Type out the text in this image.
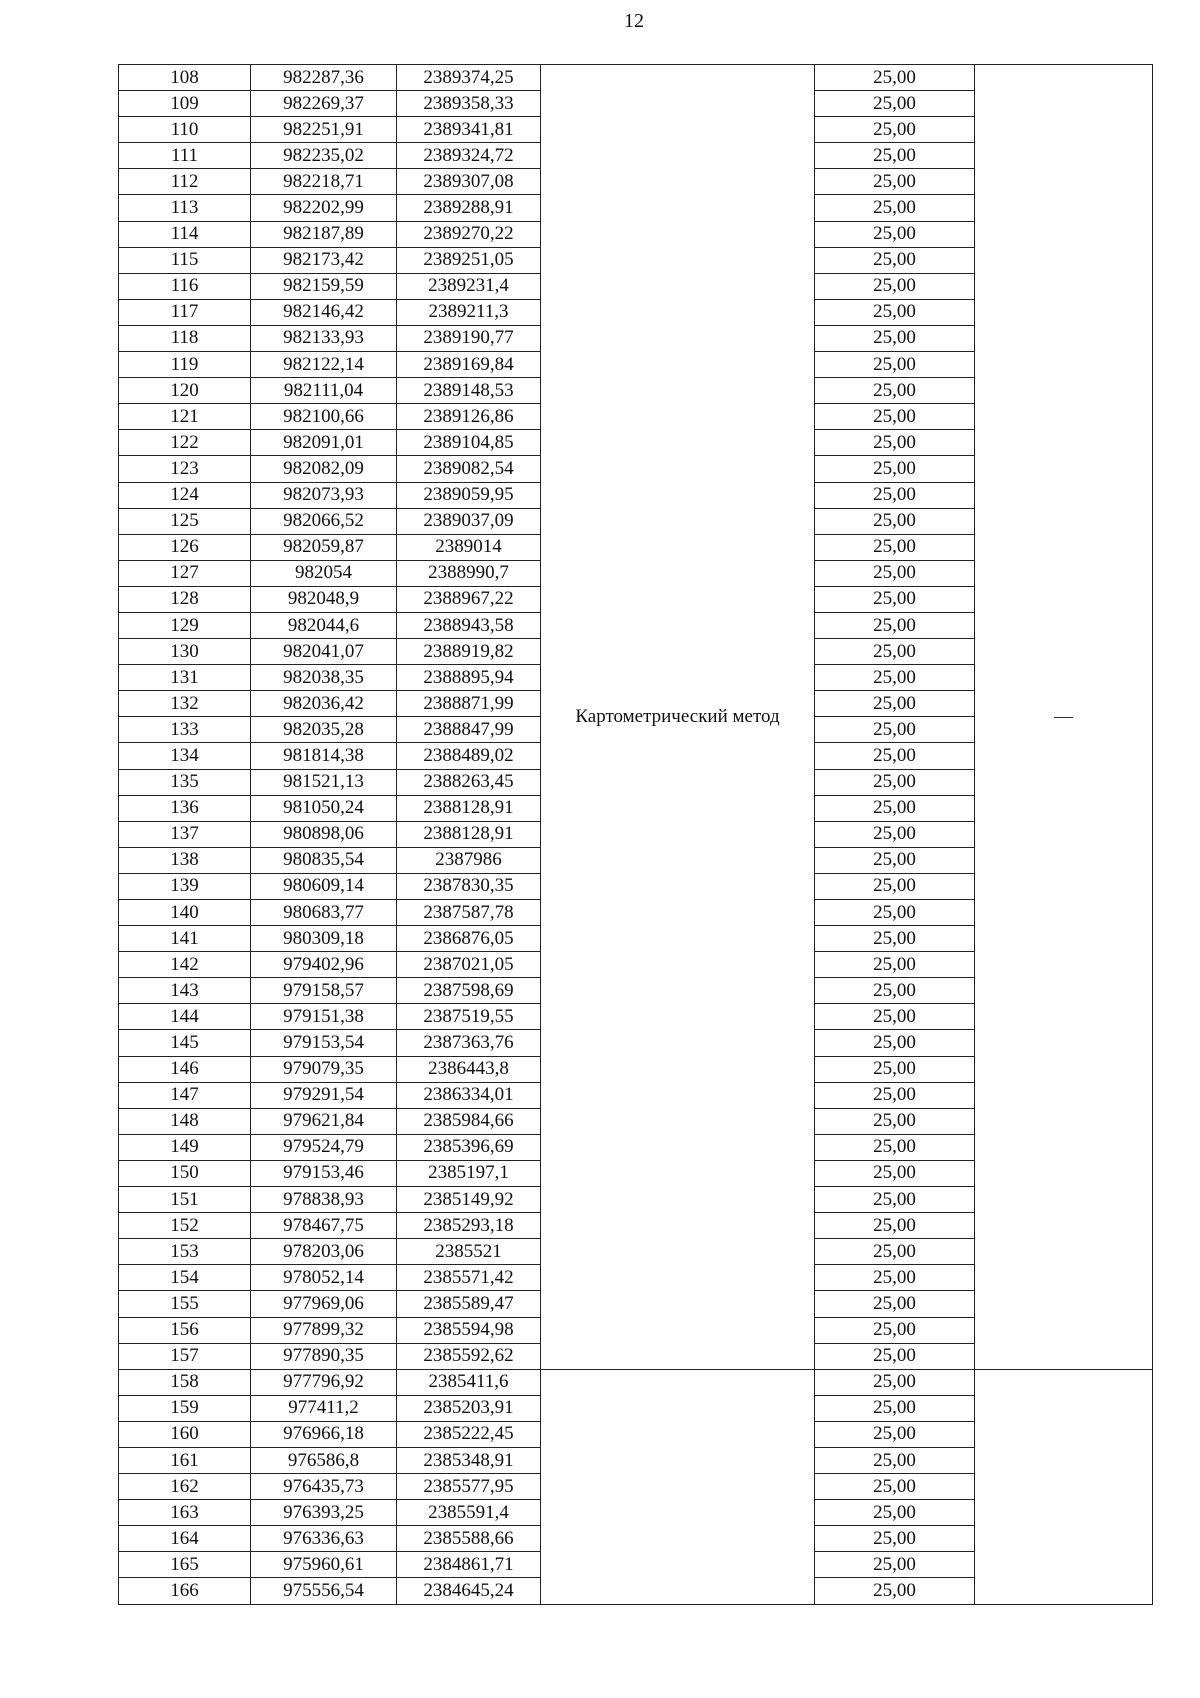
12
108	982287,36	2389374,25	Картометрический метод	25,00	—
109	982269,37	2389358,33		25,00	
110	982251,91	2389341,81		25,00	
111	982235,02	2389324,72		25,00	
112	982218,71	2389307,08		25,00	
113	982202,99	2389288,91		25,00	
114	982187,89	2389270,22		25,00	
115	982173,42	2389251,05		25,00	
116	982159,59	2389231,4		25,00	
117	982146,42	2389211,3		25,00	
118	982133,93	2389190,77		25,00	
119	982122,14	2389169,84		25,00	
120	982111,04	2389148,53		25,00	
121	982100,66	2389126,86		25,00	
122	982091,01	2389104,85		25,00	
123	982082,09	2389082,54		25,00	
124	982073,93	2389059,95		25,00	
125	982066,52	2389037,09		25,00	
126	982059,87	2389014		25,00	
127	982054	2388990,7		25,00	
128	982048,9	2388967,22		25,00	
129	982044,6	2388943,58		25,00	
130	982041,07	2388919,82		25,00	
131	982038,35	2388895,94		25,00	
132	982036,42	2388871,99		25,00	
133	982035,28	2388847,99		25,00	
134	981814,38	2388489,02		25,00	
135	981521,13	2388263,45		25,00	
136	981050,24	2388128,91		25,00	
137	980898,06	2388128,91		25,00	
138	980835,54	2387986		25,00	
139	980609,14	2387830,35		25,00	
140	980683,77	2387587,78		25,00	
141	980309,18	2386876,05		25,00	
142	979402,96	2387021,05		25,00	
143	979158,57	2387598,69		25,00	
144	979151,38	2387519,55		25,00	
145	979153,54	2387363,76		25,00	
146	979079,35	2386443,8		25,00	
147	979291,54	2386334,01		25,00	
148	979621,84	2385984,66		25,00	
149	979524,79	2385396,69		25,00	
150	979153,46	2385197,1		25,00	
151	978838,93	2385149,92		25,00	
152	978467,75	2385293,18		25,00	
153	978203,06	2385521		25,00	
154	978052,14	2385571,42		25,00	
155	977969,06	2385589,47		25,00	
156	977899,32	2385594,98		25,00	
157	977890,35	2385592,62		25,00	
158	977796,92	2385411,6		25,00	
159	977411,2	2385203,91		25,00	
160	976966,18	2385222,45		25,00	
161	976586,8	2385348,91		25,00	
162	976435,73	2385577,95		25,00	
163	976393,25	2385591,4		25,00	
164	976336,63	2385588,66		25,00	
165	975960,61	2384861,71		25,00	
166	975556,54	2384645,24		25,00	
